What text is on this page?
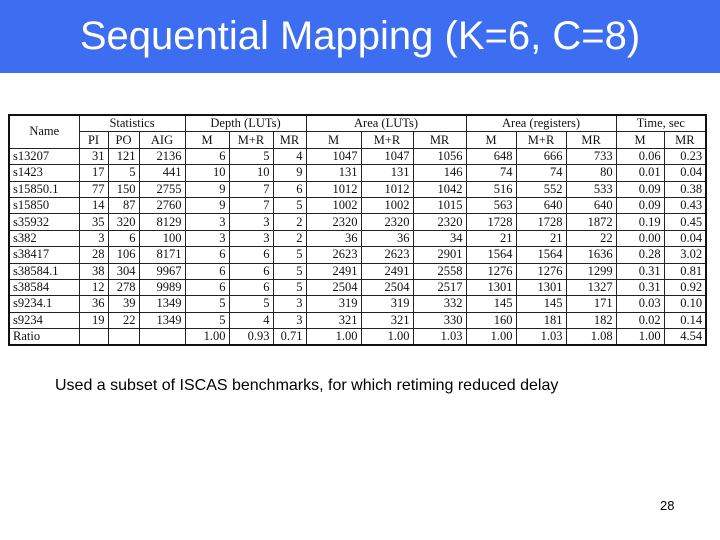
Sequential Mapping (K=6, C=8)
Name	Statistics			Depth (LUTs)			Area (LUTs)			Area (registers)			Time, sec	
	PI	PO	AIG	M	M+R	MR	M	M+R	MR	M	M+R	MR	M	MR
s13207	31	121	2136	6	5	4	1047	1047	1056	648	666	733	0.06	0.23
s1423	17	5	441	10	10	9	131	131	146	74	74	80	0.01	0.04
s15850.1	77	150	2755	9	7	6	1012	1012	1042	516	552	533	0.09	0.38
s15850	14	87	2760	9	7	5	1002	1002	1015	563	640	640	0.09	0.43
s35932	35	320	8129	3	3	2	2320	2320	2320	1728	1728	1872	0.19	0.45
s382	3	6	100	3	3	2	36	36	34	21	21	22	0.00	0.04
s38417	28	106	8171	6	6	5	2623	2623	2901	1564	1564	1636	0.28	3.02
s38584.1	38	304	9967	6	6	5	2491	2491	2558	1276	1276	1299	0.31	0.81
s38584	12	278	9989	6	6	5	2504	2504	2517	1301	1301	1327	0.31	0.92
s9234.1	36	39	1349	5	5	3	319	319	332	145	145	171	0.03	0.10
s9234	19	22	1349	5	4	3	321	321	330	160	181	182	0.02	0.14
Ratio				1.00	0.93	0.71	1.00	1.00	1.03	1.00	1.03	1.08	1.00	4.54
Used a subset of ISCAS benchmarks, for which retiming reduced delay
28
